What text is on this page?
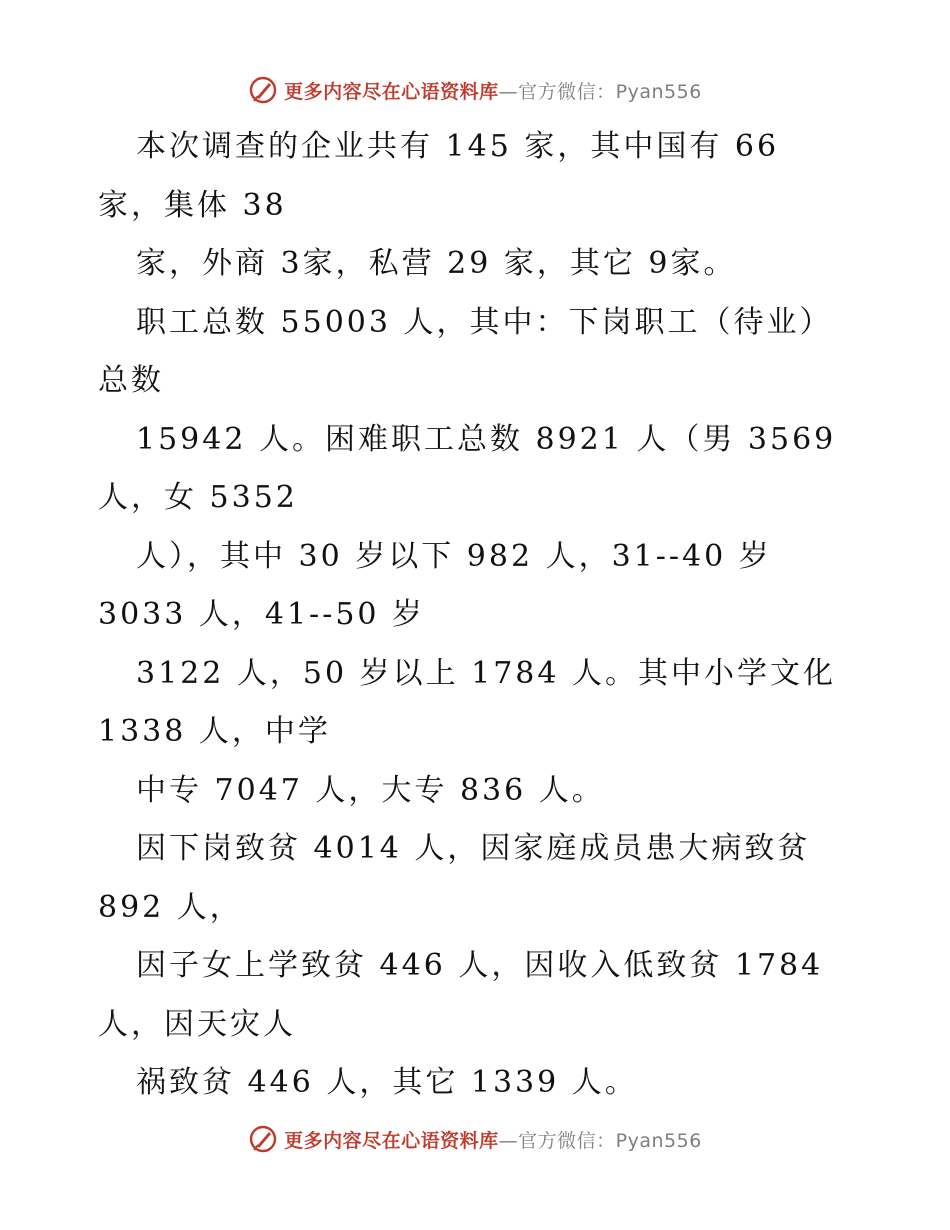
更多内容尽在心语资料库—官方微信：Pyan556
本次调查的企业共有 145 家，其中国有 66
家，集体 38
家，外商 3家，私营 29 家，其它 9家。
职工总数 55003 人，其中：下岗职工（待业）
总数
15942 人。困难职工总数 8921 人（男 3569
人，女 5352
人），其中 30 岁以下 982 人，31--40 岁
3033 人，41--50 岁
3122 人，50 岁以上 1784 人。其中小学文化
1338 人，中学
中专 7047 人，大专 836 人。
因下岗致贫 4014 人，因家庭成员患大病致贫
892 人，
因子女上学致贫 446 人，因收入低致贫 1784
人，因天灾人
祸致贫 446 人，其它 1339 人。
更多内容尽在心语资料库—官方微信：Pyan556
